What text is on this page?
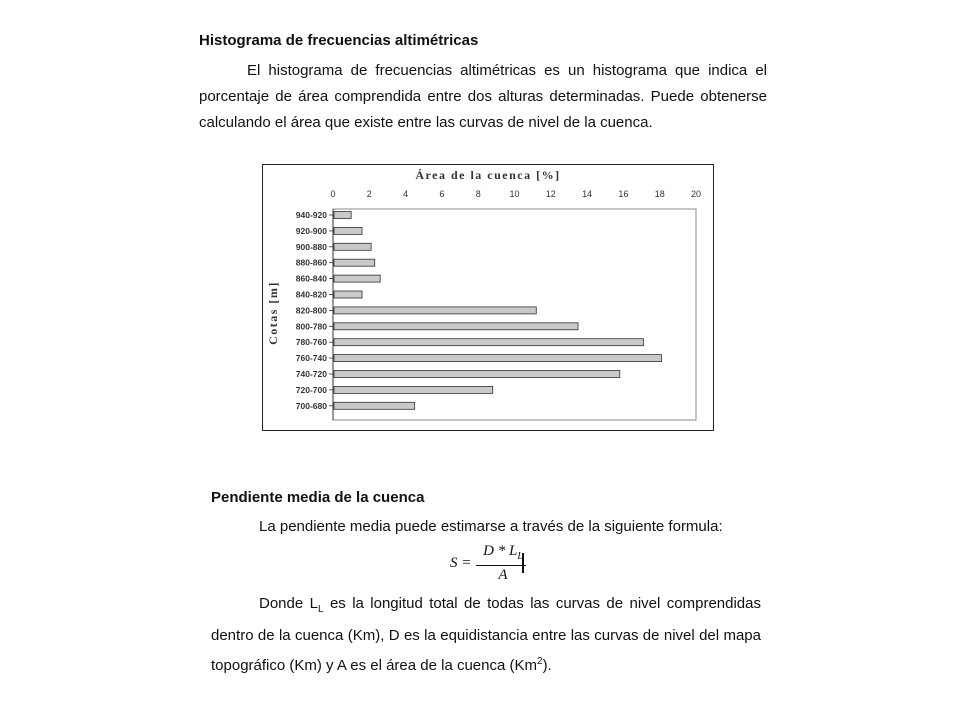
Histograma de frecuencias altimétricas

El histograma de frecuencias altimétricas es un histograma que indica el porcentaje de área comprendida entre dos alturas determinadas. Puede obtenerse calculando el área que existe entre las curvas de nivel de la cuenca.

Área de la cuenca [%]
Cotas [m]
0	2	4	6	8	10	12	14	16	18	20
940-920
920-900
900-880
880-860
860-840
840-820
820-800
800-780
780-760
760-740
740-720
720-700
700-680
Pendiente media de la cuenca

La pendiente media puede estimarse a través de la siguiente formula:

S =
D * $L_L$
A

Donde $L_L$ es la longitud total de todas las curvas de nivel comprendidas dentro de la cuenca (Km), D es la equidistancia entre las curvas de nivel del mapa topográfico (Km) y A es el área de la cuenca (Km$^2$).
